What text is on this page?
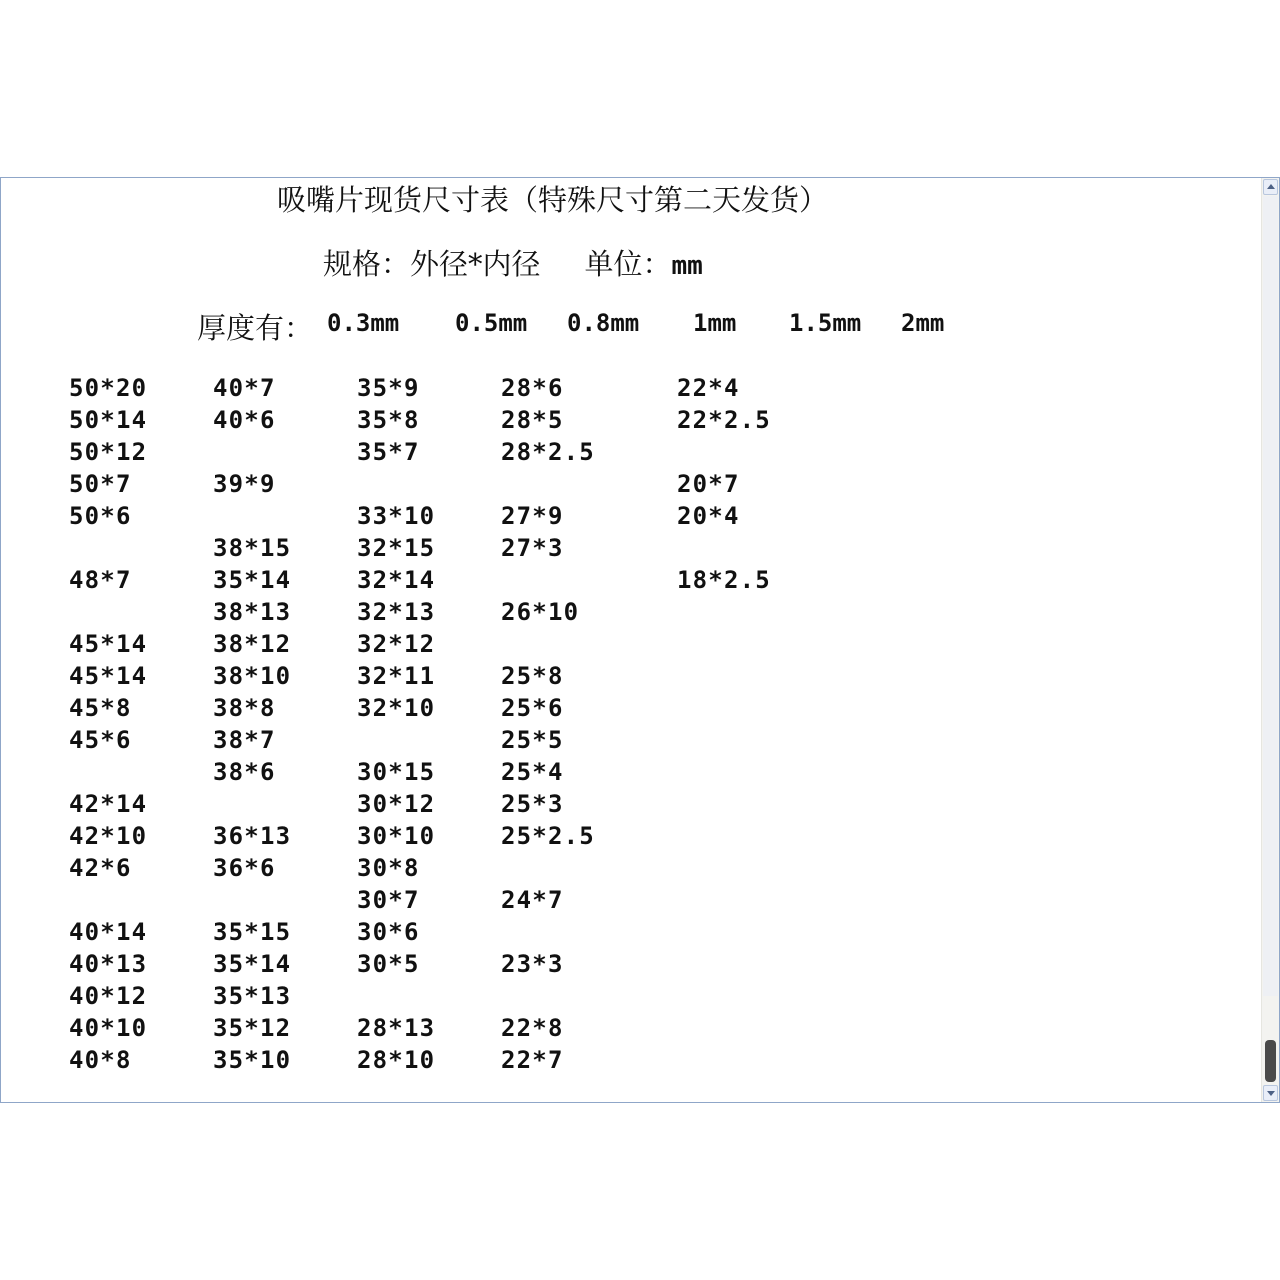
吸嘴片现货尺寸表（特殊尺寸第二天发货）
规格：外径*内径 单位：mm
厚度有： 0.3mm 0.5mm 0.8mm 1mm 1.5mm 2mm
50*20
50*14
50*12
50*7
50*6
48*7
45*14
45*14
45*8
45*6
42*14
42*10
42*6
40*14
40*13
40*12
40*10
40*8
40*7
40*6
39*9
38*15
35*14
38*13
38*12
38*10
38*8
38*7
38*6
36*13
36*6
35*15
35*14
35*13
35*12
35*10
35*9
35*8
35*7
33*10
32*15
32*14
32*13
32*12
32*11
32*10
30*15
30*12
30*10
30*8
30*7
30*6
30*5
28*13
28*10
28*6
28*5
28*2.5
27*9
27*3
26*10
25*8
25*6
25*5
25*4
25*3
25*2.5
24*7
23*3
22*8
22*7
22*4
22*2.5
20*7
20*4
18*2.5
